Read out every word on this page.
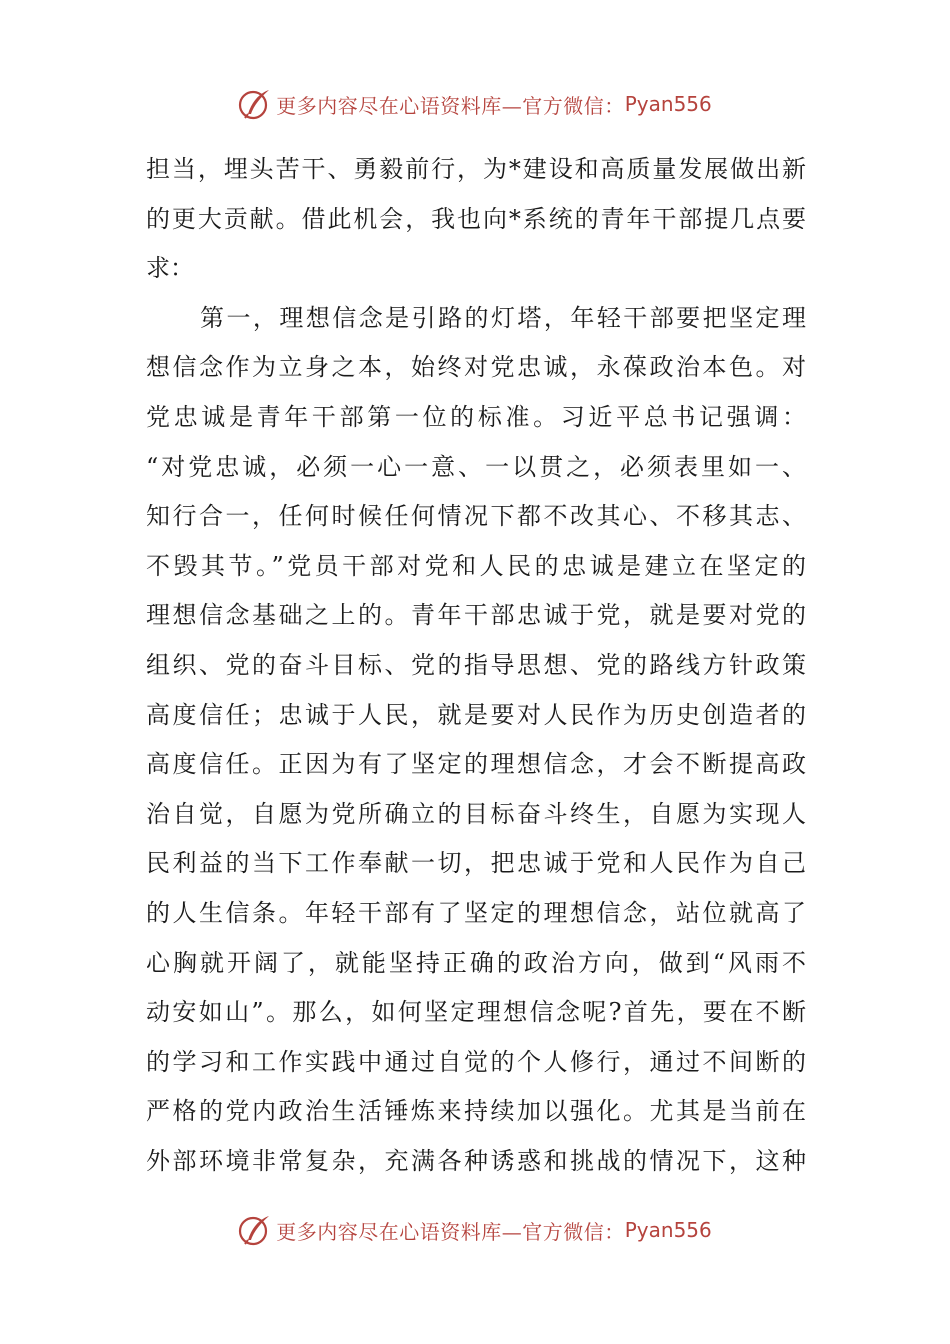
更多内容尽在心语资料库—官方微信： Pyan556
担当，埋头苦干、勇毅前行，为*建设和高质量发展做出新
的更大贡献。借此机会，我也向*系统的青年干部提几点要
求：
第一，理想信念是引路的灯塔，年轻干部要把坚定理
想信念作为立身之本，始终对党忠诚，永葆政治本色。对
党忠诚是青年干部第一位的标准。习近平总书记强调：
“对党忠诚，必须一心一意、一以贯之，必须表里如一、
知行合一，任何时候任何情况下都不改其心、不移其志、
不毁其节。”党员干部对党和人民的忠诚是建立在坚定的
理想信念基础之上的。青年干部忠诚于党，就是要对党的
组织、党的奋斗目标、党的指导思想、党的路线方针政策
高度信任；忠诚于人民，就是要对人民作为历史创造者的
高度信任。正因为有了坚定的理想信念，才会不断提高政
治自觉，自愿为党所确立的目标奋斗终生，自愿为实现人
民利益的当下工作奉献一切，把忠诚于党和人民作为自己
的人生信条。年轻干部有了坚定的理想信念，站位就高了
心胸就开阔了，就能坚持正确的政治方向，做到“风雨不
动安如山”。那么，如何坚定理想信念呢?首先，要在不断
的学习和工作实践中通过自觉的个人修行，通过不间断的
严格的党内政治生活锤炼来持续加以强化。尤其是当前在
外部环境非常复杂，充满各种诱惑和挑战的情况下，这种
更多内容尽在心语资料库—官方微信： Pyan556
